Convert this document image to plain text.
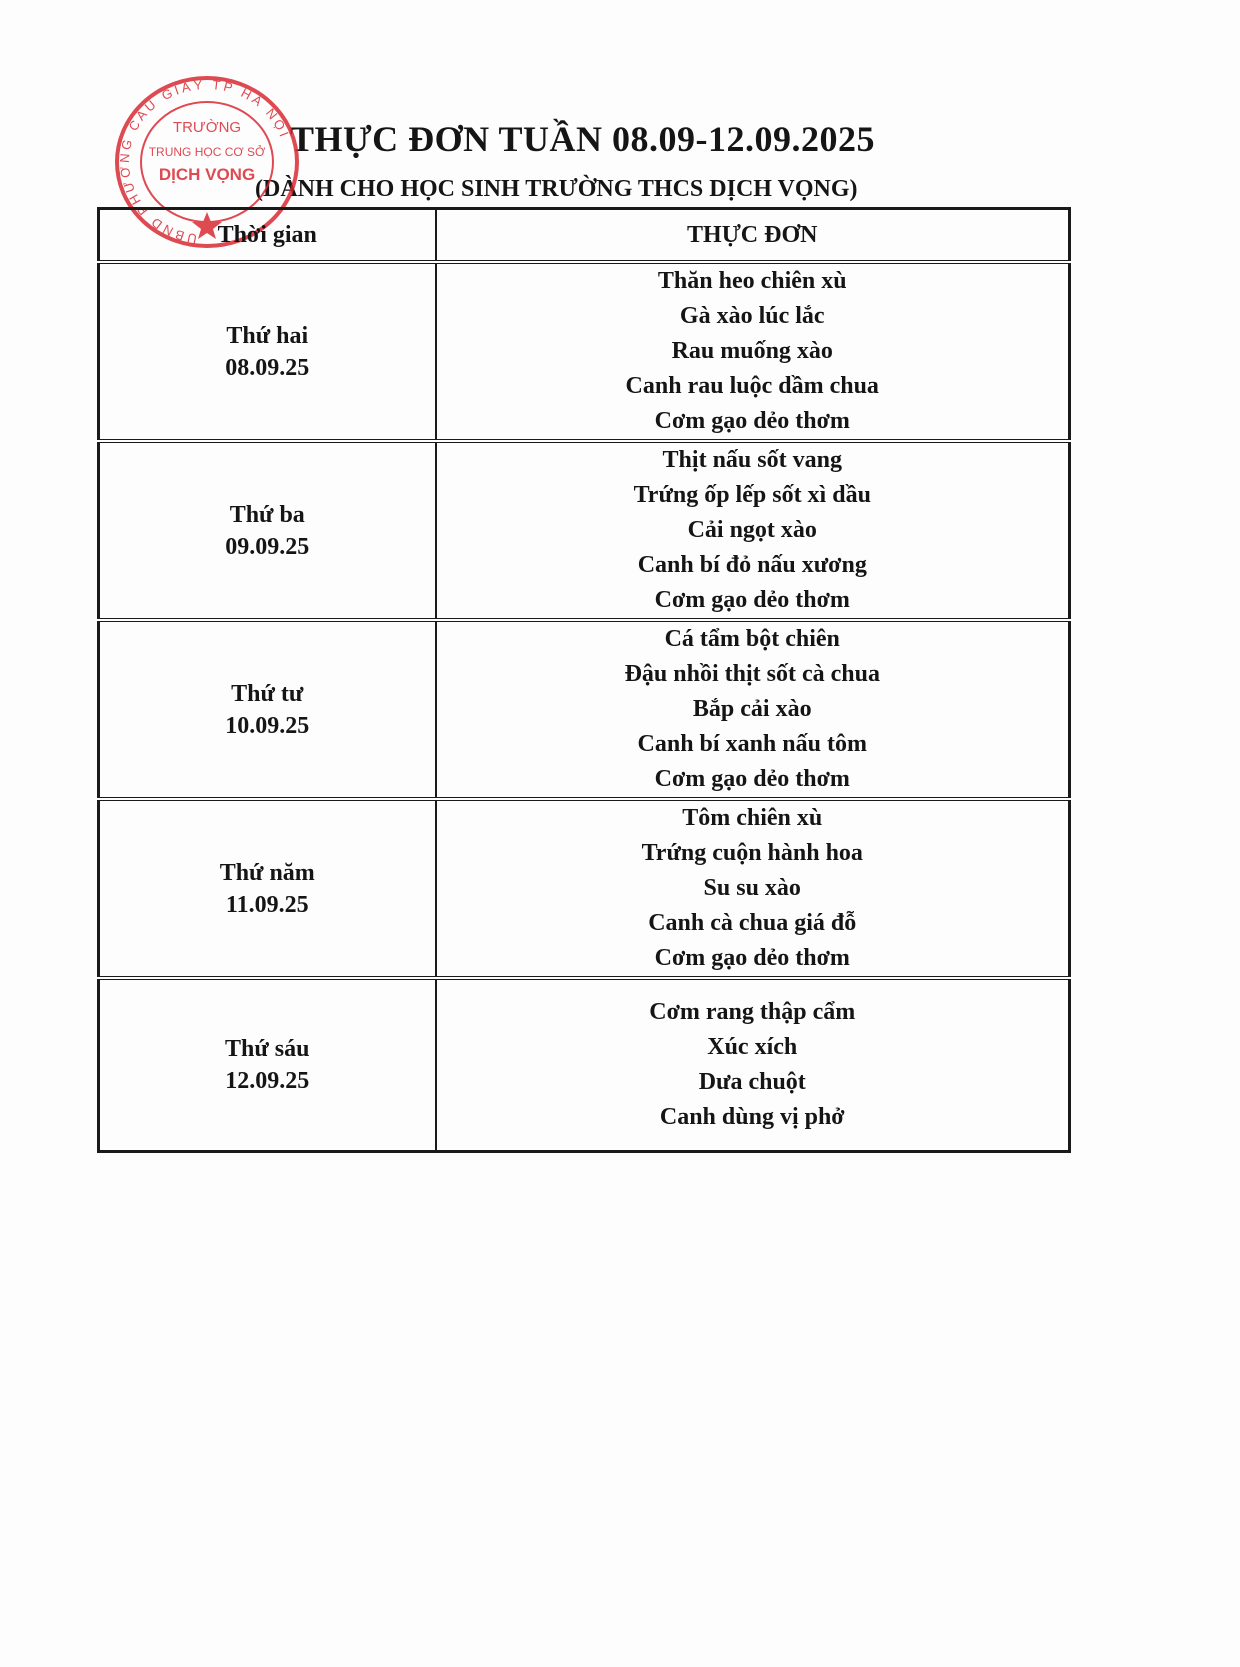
THỰC ĐƠN TUẦN 08.09-12.09.2025
(DÀNH CHO HỌC SINH TRƯỜNG THCS DỊCH VỌNG)
UBND PHƯỜNG CẦU GIẤY TP HÀ NỘI
TRƯỜNG
TRUNG HỌC CƠ SỞ
DỊCH VỌNG
Thời gian	THỰC ĐƠN

Thứ hai
08.09.25	Thăn heo chiên xù
Gà xào lúc lắc
Rau muống xào
Canh rau luộc dầm chua
Cơm gạo dẻo thơm

Thứ ba
09.09.25	Thịt nấu sốt vang
Trứng ốp lếp sốt xì dầu
Cải ngọt xào
Canh bí đỏ nấu xương
Cơm gạo dẻo thơm

Thứ tư
10.09.25	Cá tẩm bột chiên
Đậu nhồi thịt sốt cà chua
Bắp cải xào
Canh bí xanh nấu tôm
Cơm gạo dẻo thơm

Thứ năm
11.09.25	Tôm chiên xù
Trứng cuộn hành hoa
Su su xào
Canh cà chua giá đỗ
Cơm gạo dẻo thơm

Thứ sáu
12.09.25	Cơm rang thập cẩm
Xúc xích
Dưa chuột
Canh dùng vị phở
